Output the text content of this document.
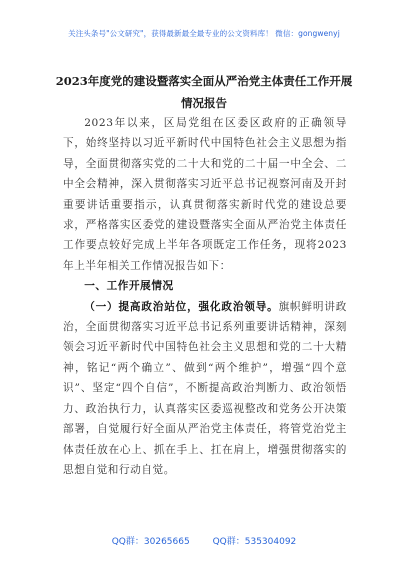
关注头条号"公文研究"，获得最新最全最专业的公文资料库！ 微信：gongwenyj
2023年度党的建设暨落实全面从严治党主体责任工作开展
情况报告

2023年以来，区局党组在区委区政府的正确领导下，始终坚持以习近平新时代中国特色社会主义思想为指导，全面贯彻落实党的二十大和党的二十届一中全会、二中全会精神，深入贯彻落实习近平总书记视察河南及开封重要讲话重要指示，认真贯彻落实新时代党的建设总要求，严格落实区委党的建设暨落实全面从严治党主体责任工作要点较好完成上半年各项既定工作任务，现将2023年上半年相关工作情况报告如下：

一、工作开展情况

（一）提高政治站位，强化政治领导。旗帜鲜明讲政治，全面贯彻落实习近平总书记系列重要讲话精神，深刻领会习近平新时代中国特色社会主义思想和党的二十大精神，铭记“两个确立”、做到“两个维护”，增强“四个意识”、坚定“四个自信”，不断提高政治判断力、政治领悟力、政治执行力，认真落实区委巡视整改和党务公开决策部署，自觉履行好全面从严治党主体责任，将管党治党主体责任放在心上、抓在手上、扛在肩上，增强贯彻落实的思想自觉和行动自觉。

QQ群：30265665	QQ群：535304092
